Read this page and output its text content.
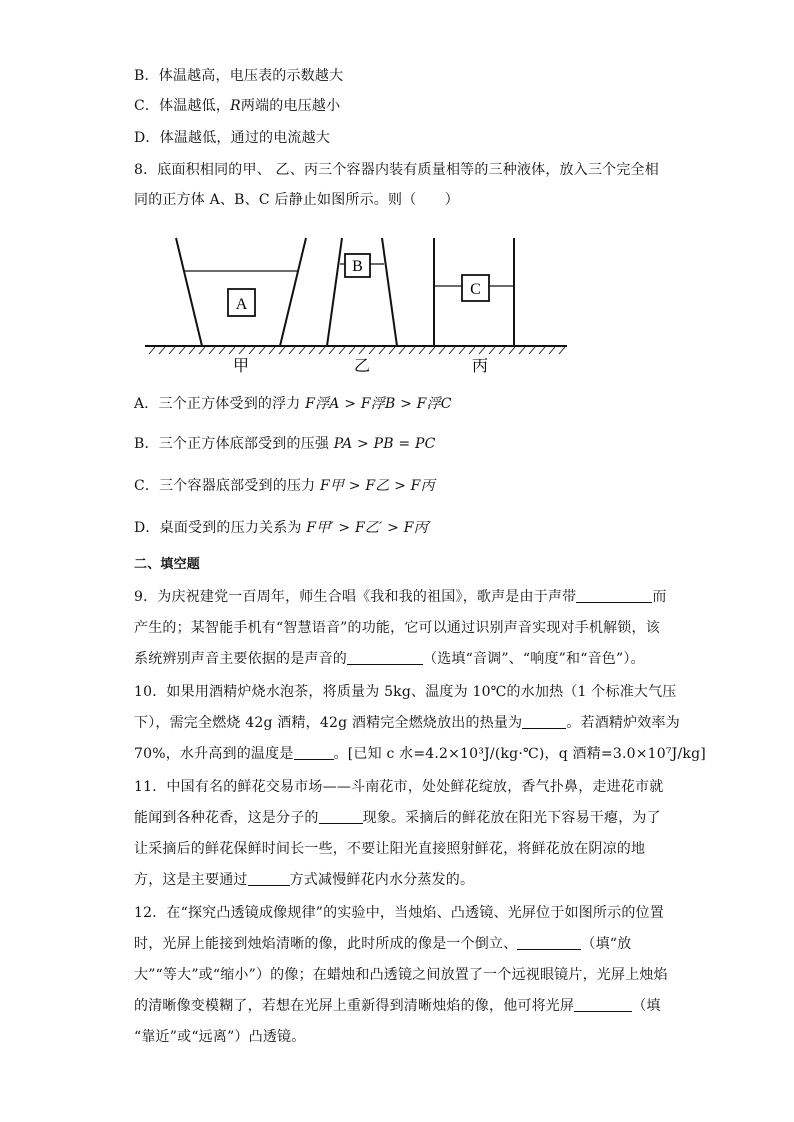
B．体温越高，电压表的示数越大
C．体温越低，R两端的电压越小
D．体温越低，通过的电流越大
8．底面积相同的甲、 乙、丙三个容器内装有质量相等的三种液体，放入三个完全相
同的正方体 A、B、C 后静止如图所示。则（　　）
A
B
C
甲	乙	丙
A．三个正方体受到的浮力 F浮A > F浮B > F浮C
B．三个正方体底部受到的压强 PA > PB = PC
C．三个容器底部受到的压力 F甲 > F乙 > F丙
D．桌面受到的压力关系为 F甲′ > F乙′ > F丙′
二、填空题
9．为庆祝建党一百周年，师生合唱《我和我的祖国》，歌声是由于声带	而
产生的；某智能手机有“智慧语音”的功能，它可以通过识别声音实现对手机解锁，该
系统辨别声音主要依据的是声音的	（选填“音调”、“响度”和“音色”）。
10．如果用酒精炉烧水泡茶，将质量为 5kg、温度为 10℃的水加热（1 个标准大气压
下），需完全燃烧 42g 酒精，42g 酒精完全燃烧放出的热量为	。若酒精炉效率为
70%，水升高到的温度是	。[已知 c 水=4.2×10³J/(kg·℃)，q 酒精=3.0×10⁷J/kg]
11．中国有名的鲜花交易市场——斗南花市，处处鲜花绽放，香气扑鼻，走进花市就
能闻到各种花香，这是分子的	现象。采摘后的鲜花放在阳光下容易干瘪，为了
让采摘后的鲜花保鲜时间长一些，不要让阳光直接照射鲜花，将鲜花放在阴凉的地
方，这是主要通过	方式减慢鲜花内水分蒸发的。
12．在“探究凸透镜成像规律”的实验中，当烛焰、凸透镜、光屏位于如图所示的位置
时，光屏上能接到烛焰清晰的像，此时所成的像是一个倒立、	（填“放
大”“等大”或“缩小”）的像；在蜡烛和凸透镜之间放置了一个远视眼镜片，光屏上烛焰
的清晰像变模糊了，若想在光屏上重新得到清晰烛焰的像，他可将光屏	（填
“靠近”或“远离”）凸透镜。
